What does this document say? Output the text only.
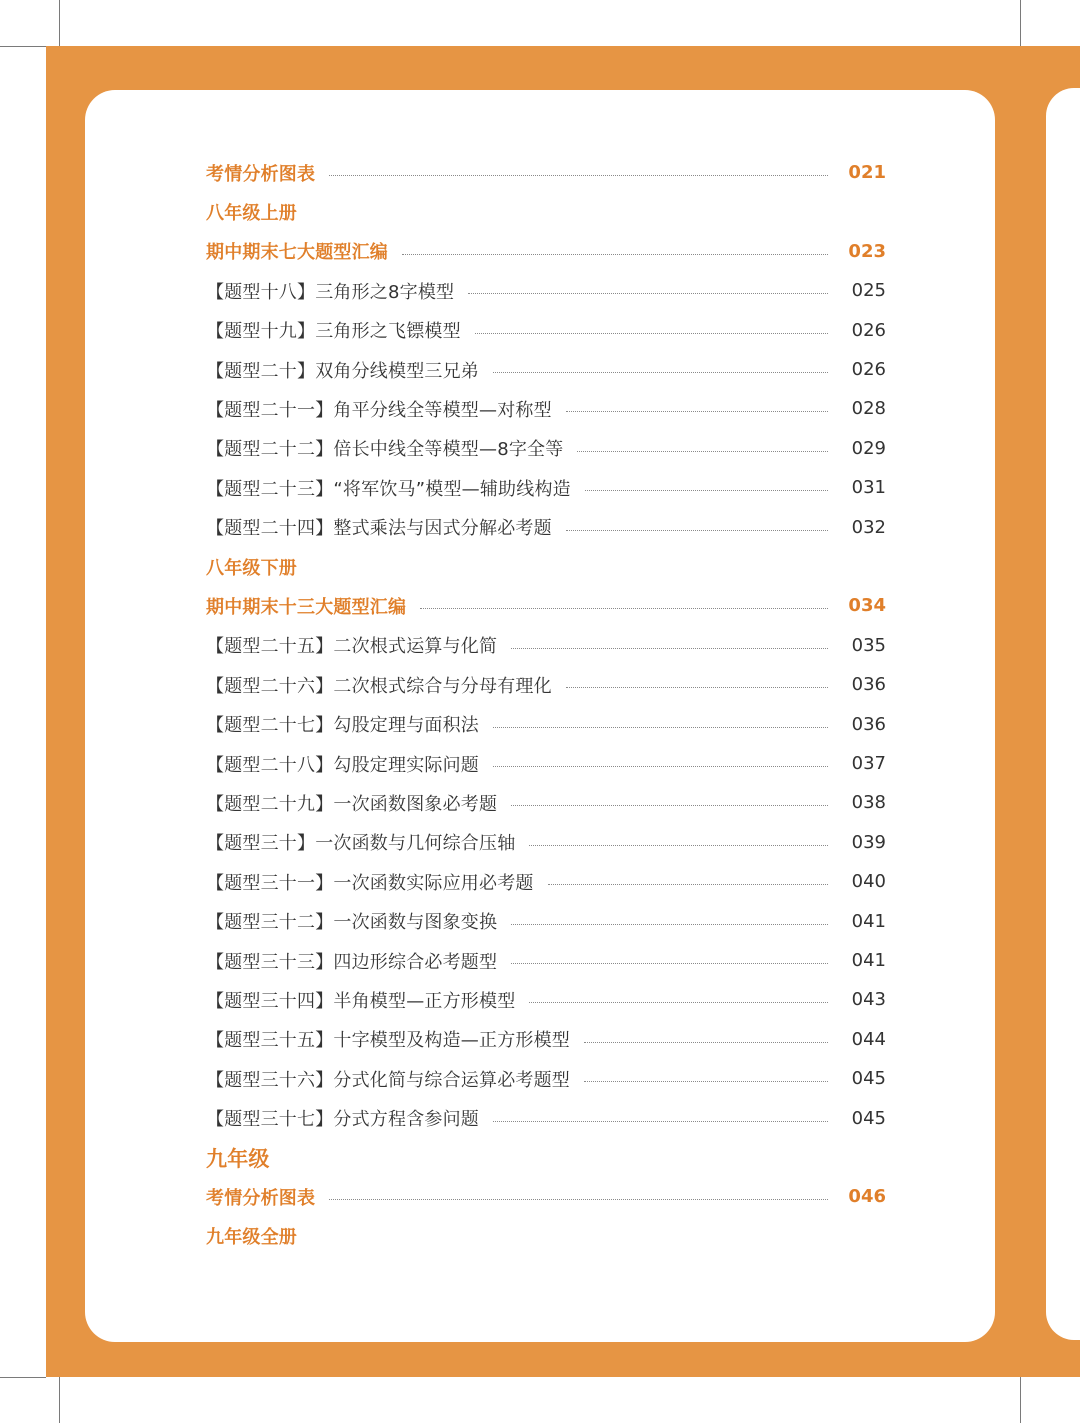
考情分析图表	021
八年级上册
期中期末七大题型汇编	023
【题型十八】三角形之8字模型	025
【题型十九】三角形之飞镖模型	026
【题型二十】双角分线模型三兄弟	026
【题型二十一】角平分线全等模型—对称型	028
【题型二十二】倍长中线全等模型—8字全等	029
【题型二十三】“将军饮马”模型—辅助线构造	031
【题型二十四】整式乘法与因式分解必考题	032
八年级下册
期中期末十三大题型汇编	034
【题型二十五】二次根式运算与化简	035
【题型二十六】二次根式综合与分母有理化	036
【题型二十七】勾股定理与面积法	036
【题型二十八】勾股定理实际问题	037
【题型二十九】一次函数图象必考题	038
【题型三十】一次函数与几何综合压轴	039
【题型三十一】一次函数实际应用必考题	040
【题型三十二】一次函数与图象变换	041
【题型三十三】四边形综合必考题型	041
【题型三十四】半角模型—正方形模型	043
【题型三十五】十字模型及构造—正方形模型	044
【题型三十六】分式化简与综合运算必考题型	045
【题型三十七】分式方程含参问题	045
九年级
考情分析图表	046
九年级全册
